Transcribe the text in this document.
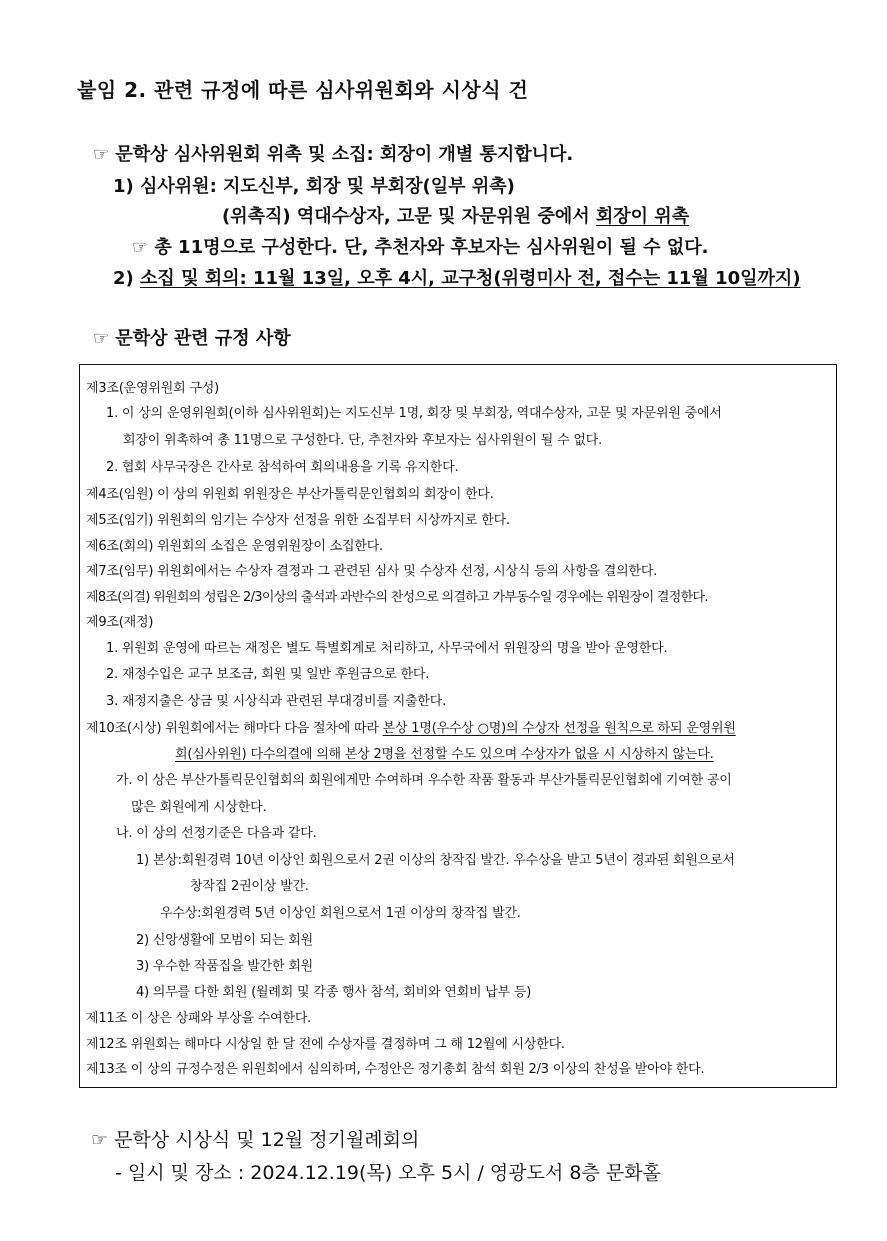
붙임 2. 관련 규정에 따른 심사위원회와 시상식 건
☞ 문학상 심사위원회 위촉 및 소집: 회장이 개별 통지합니다.
1) 심사위원: 지도신부, 회장 및 부회장(일부 위촉)
(위촉직) 역대수상자, 고문 및 자문위원 중에서 회장이 위촉
☞ 총 11명으로 구성한다. 단, 추천자와 후보자는 심사위원이 될 수 없다.
2) 소집 및 회의: 11월 13일, 오후 4시, 교구청(위령미사 전, 접수는 11월 10일까지)
☞ 문학상 관련 규정 사항
제3조(운영위원회 구성)
1. 이 상의 운영위원회(이하 심사위원회)는 지도신부 1명, 회장 및 부회장, 역대수상자, 고문 및 자문위원 중에서
회장이 위촉하여 총 11명으로 구성한다. 단, 추천자와 후보자는 심사위원이 될 수 없다.
2. 협회 사무국장은 간사로 참석하여 회의내용을 기록 유지한다.
제4조(임원) 이 상의 위원회 위원장은 부산가톨릭문인협회의 회장이 한다.
제5조(임기) 위원회의 임기는 수상자 선정을 위한 소집부터 시상까지로 한다.
제6조(회의) 위원회의 소집은 운영위원장이 소집한다.
제7조(임무) 위원회에서는 수상자 결정과 그 관련된 심사 및 수상자 선정, 시상식 등의 사항을 결의한다.
제8조(의결) 위원회의 성립은 2/3이상의 출석과 과반수의 찬성으로 의결하고 가부동수일 경우에는 위원장이 결정한다.
제9조(재정)
1. 위원회 운영에 따르는 재정은 별도 특별회계로 처리하고, 사무국에서 위원장의 명을 받아 운영한다.
2. 재정수입은 교구 보조금, 회원 및 일반 후원금으로 한다.
3. 재정지출은 상금 및 시상식과 관련된 부대경비를 지출한다.
제10조(시상) 위원회에서는 해마다 다음 절차에 따라 본상 1명(우수상 ○명)의 수상자 선정을 원칙으로 하되 운영위원
회(심사위원) 다수의결에 의해 본상 2명을 선정할 수도 있으며 수상자가 없을 시 시상하지 않는다.
가. 이 상은 부산가톨릭문인협회의 회원에게만 수여하며 우수한 작품 활동과 부산가톨릭문인협회에 기여한 공이
많은 회원에게 시상한다.
나. 이 상의 선정기준은 다음과 같다.
1) 본상:회원경력 10년 이상인 회원으로서 2권 이상의 창작집 발간. 우수상을 받고 5년이 경과된 회원으로서
창작집 2권이상 발간.
우수상:회원경력 5년 이상인 회원으로서 1권 이상의 창작집 발간.
2) 신앙생활에 모범이 되는 회원
3) 우수한 작품집을 발간한 회원
4) 의무를 다한 회원 (월례회 및 각종 행사 참석, 회비와 연회비 납부 등)
제11조 이 상은 상패와 부상을 수여한다.
제12조 위원회는 해마다 시상일 한 달 전에 수상자를 결정하며 그 해 12월에 시상한다.
제13조 이 상의 규정수정은 위원회에서 심의하며, 수정안은 정기총회 참석 회원 2/3 이상의 찬성을 받아야 한다.
☞ 문학상 시상식 및 12월 정기월례회의
- 일시 및 장소 : 2024.12.19(목) 오후 5시 / 영광도서 8층 문화홀
